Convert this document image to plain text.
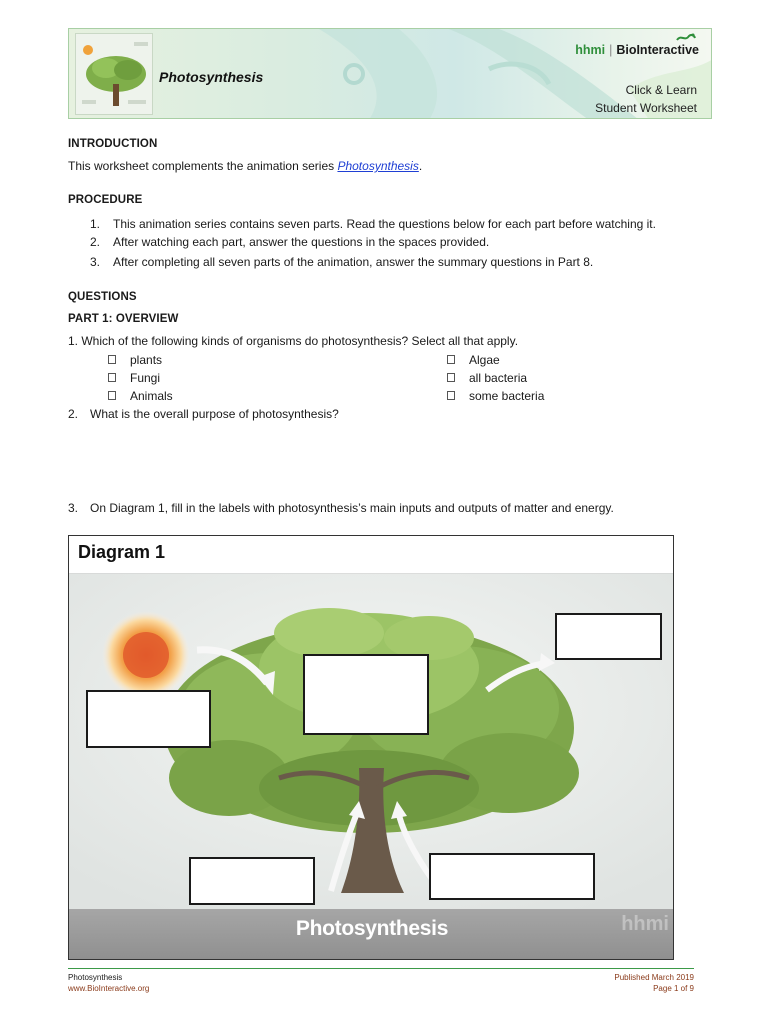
Photosynthesis
hhmi | BioInteractive
Click & Learn
Student Worksheet
INTRODUCTION
This worksheet complements the animation series Photosynthesis.
PROCEDURE
1. This animation series contains seven parts. Read the questions below for each part before watching it.
2. After watching each part, answer the questions in the spaces provided.
3. After completing all seven parts of the animation, answer the summary questions in Part 8.
QUESTIONS
PART 1: OVERVIEW
1. Which of the following kinds of organisms do photosynthesis? Select all that apply.
plants
Fungi
Animals
Algae
all bacteria
some bacteria
2. What is the overall purpose of photosynthesis?
3. On Diagram 1, fill in the labels with photosynthesis’s main inputs and outputs of matter and energy.
Diagram 1
Photosynthesis	hhmi
Photosynthesis
www.BioInteractive.org
Published March 2019
Page 1 of 9
